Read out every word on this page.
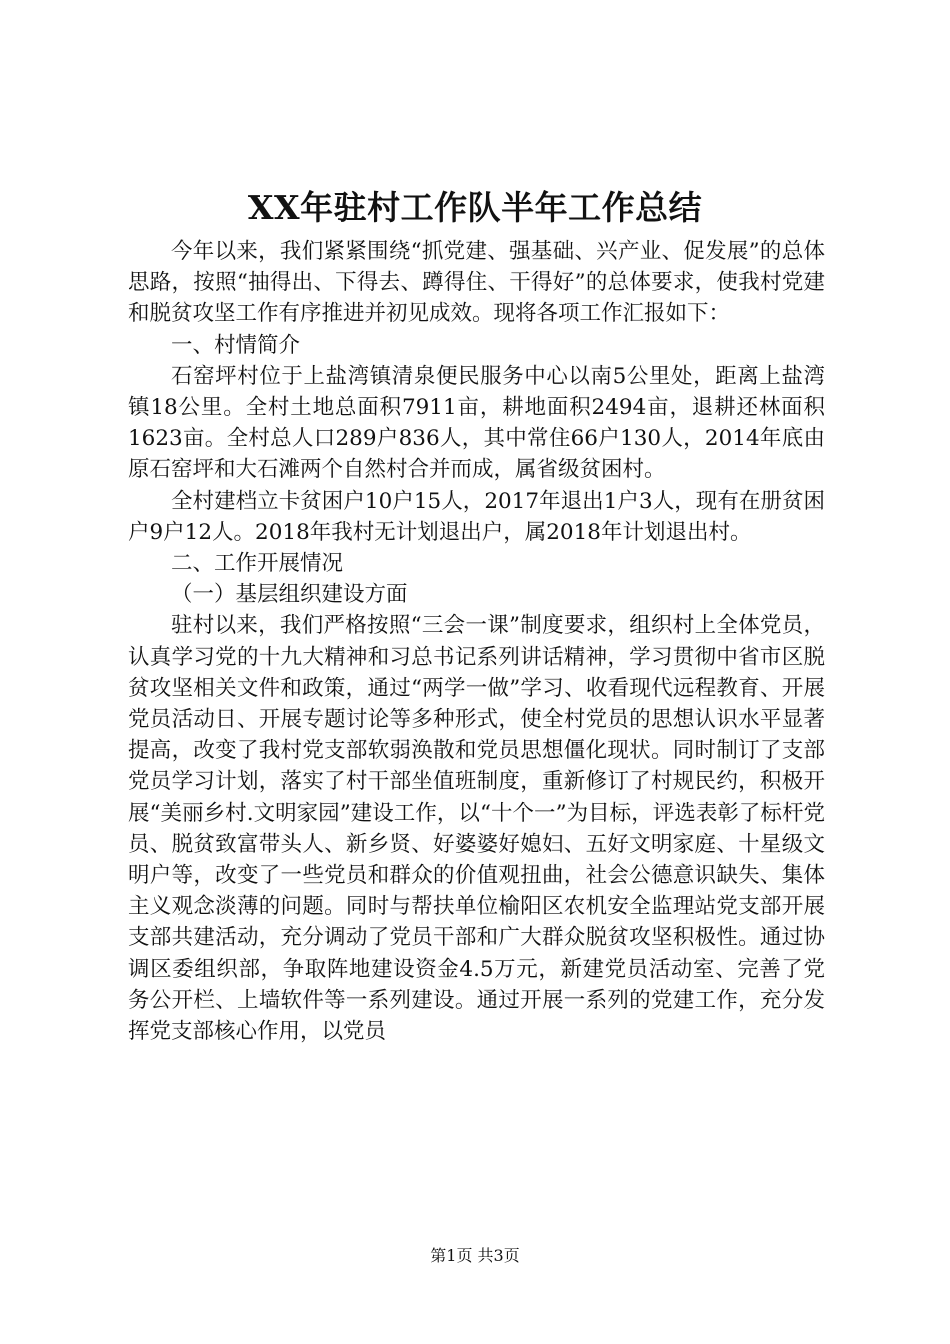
XX年驻村工作队半年工作总结

今年以来，我们紧紧围绕“抓党建、强基础、兴产业、促发展”的总体思路，按照“抽得出、下得去、蹲得住、干得好”的总体要求，使我村党建和脱贫攻坚工作有序推进并初见成效。现将各项工作汇报如下：

一、村情简介

石窑坪村位于上盐湾镇清泉便民服务中心以南5公里处，距离上盐湾镇18公里。全村土地总面积7911亩，耕地面积2494亩，退耕还林面积1623亩。全村总人口289户836人，其中常住66户130人，2014年底由原石窑坪和大石滩两个自然村合并而成，属省级贫困村。

全村建档立卡贫困户10户15人，2017年退出1户3人，现有在册贫困户9户12人。2018年我村无计划退出户，属2018年计划退出村。

二、工作开展情况

（一）基层组织建设方面

驻村以来，我们严格按照“三会一课”制度要求，组织村上全体党员，认真学习党的十九大精神和习总书记系列讲话精神，学习贯彻中省市区脱贫攻坚相关文件和政策，通过“两学一做”学习、收看现代远程教育、开展党员活动日、开展专题讨论等多种形式，使全村党员的思想认识水平显著提高，改变了我村党支部软弱涣散和党员思想僵化现状。同时制订了支部党员学习计划，落实了村干部坐值班制度，重新修订了村规民约，积极开展“美丽乡村.文明家园”建设工作，以“十个一”为目标，评选表彰了标杆党员、脱贫致富带头人、新乡贤、好婆婆好媳妇、五好文明家庭、十星级文明户等，改变了一些党员和群众的价值观扭曲，社会公德意识缺失、集体主义观念淡薄的问题。同时与帮扶单位榆阳区农机安全监理站党支部开展支部共建活动，充分调动了党员干部和广大群众脱贫攻坚积极性。通过协调区委组织部，争取阵地建设资金4.5万元，新建党员活动室、完善了党务公开栏、上墙软件等一系列建设。通过开展一系列的党建工作，充分发挥党支部核心作用，以党员

第1页 共3页
